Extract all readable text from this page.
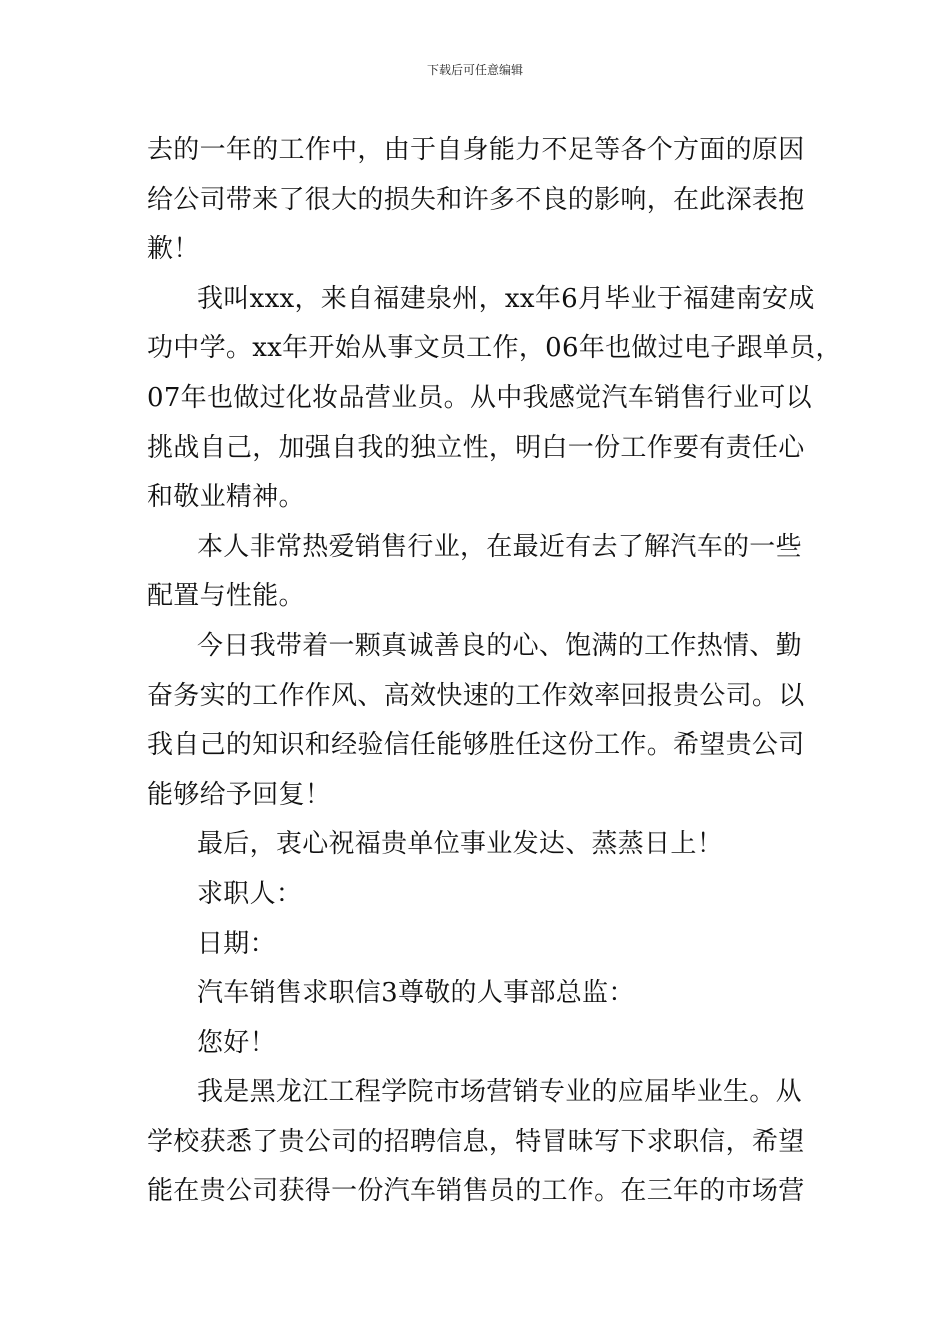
下载后可任意编辑
去的一年的工作中，由于自身能力不足等各个方面的原因
给公司带来了很大的损失和许多不良的影响，在此深表抱
歉！
我叫xxx，来自福建泉州，xx年6月毕业于福建南安成
功中学。xx年开始从事文员工作，06年也做过电子跟单员，
07年也做过化妆品营业员。从中我感觉汽车销售行业可以
挑战自己，加强自我的独立性，明白一份工作要有责任心
和敬业精神。
本人非常热爱销售行业，在最近有去了解汽车的一些
配置与性能。
今日我带着一颗真诚善良的心、饱满的工作热情、勤
奋务实的工作作风、高效快速的工作效率回报贵公司。以
我自己的知识和经验信任能够胜任这份工作。希望贵公司
能够给予回复！
最后，衷心祝福贵单位事业发达、蒸蒸日上！
求职人：
日期：
汽车销售求职信3尊敬的人事部总监：
您好！
我是黑龙江工程学院市场营销专业的应届毕业生。从
学校获悉了贵公司的招聘信息，特冒昧写下求职信，希望
能在贵公司获得一份汽车销售员的工作。在三年的市场营
